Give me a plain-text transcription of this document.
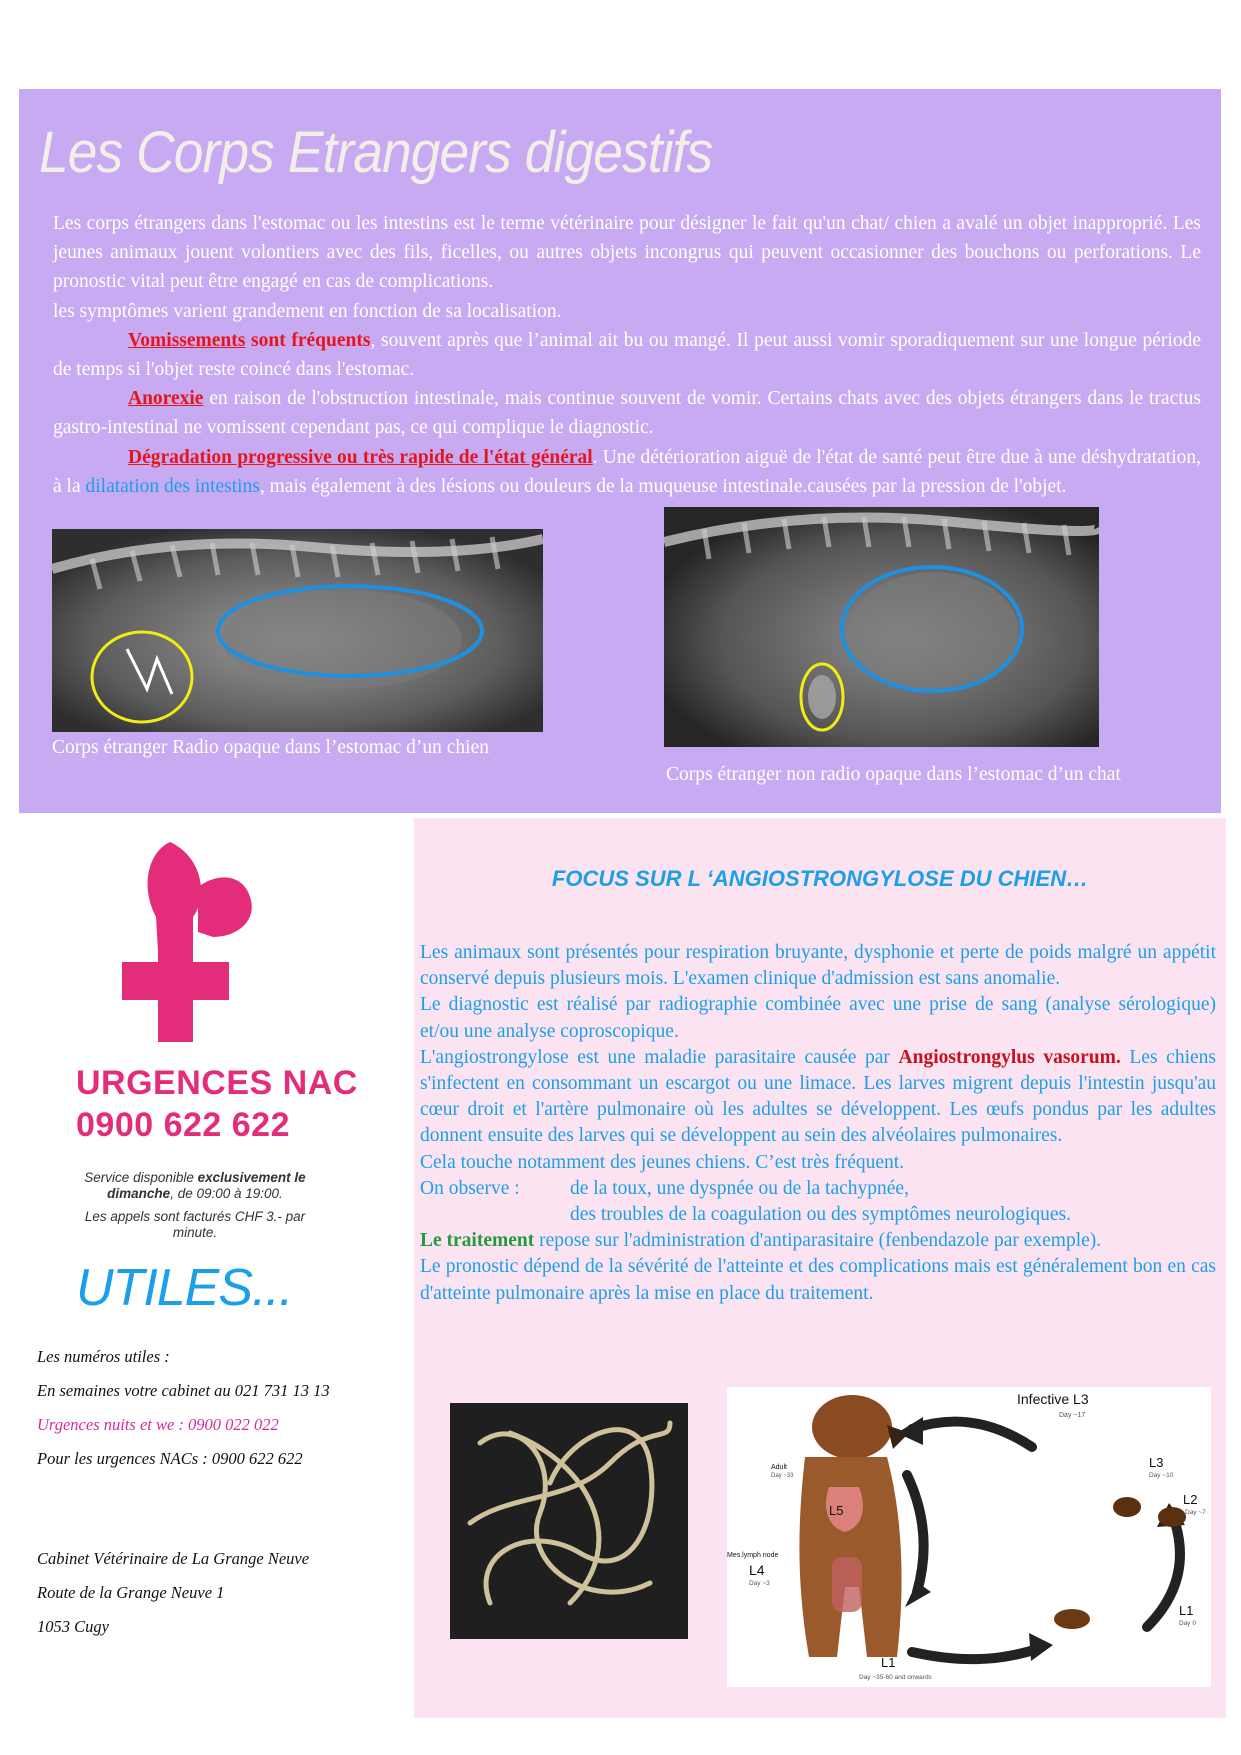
Les Corps Etrangers digestifs

Les corps étrangers dans l'estomac ou les intestins est le terme vétérinaire pour désigner le fait qu'un chat/ chien a avalé un objet inapproprié. Les jeunes animaux jouent volontiers avec des fils, ficelles, ou autres objets incongrus qui peuvent occasionner des bouchons ou perforations. Le pronostic vital peut être engagé en cas de complications.

les symptômes varient grandement en fonction de sa localisation.

Vomissements sont fréquents, souvent après que l’animal ait bu ou mangé. Il peut aussi vomir sporadiquement sur une longue période de temps si l'objet reste coincé dans l'estomac.

Anorexie en raison de l'obstruction intestinale, mais continue souvent de vomir. Certains chats avec des objets étrangers dans le tractus gastro-intestinal ne vomissent cependant pas, ce qui complique le diagnostic.

Dégradation progressive ou très rapide de l'état général. Une détérioration aiguë de l'état de santé peut être due à une déshydratation, à la dilatation des intestins, mais également à des lésions ou douleurs de la muqueuse intestinale.causées par la pression de l'objet.

Corps étranger Radio opaque dans l’estomac d’un chien
Corps étranger non radio opaque dans l’estomac d’un chat
URGENCES NAC
0900 622 622

Service disponible exclusivement le dimanche, de 09:00 à 19:00.

Les appels sont facturés CHF 3.- par minute.

UTILES...
Les numéros utiles :
En semaines votre cabinet au 021 731 13 13
Urgences nuits et we : 0900 022 022
Pour les urgences NACs : 0900 622 622
Cabinet Vétérinaire de La Grange Neuve
Route de la Grange Neuve 1
1053 Cugy
FOCUS SUR L ‘ANGIOSTRONGYLOSE DU CHIEN…

Les animaux sont présentés pour respiration bruyante, dysphonie et perte de poids malgré un appétit conservé depuis plusieurs mois. L'examen clinique d'admission est sans anomalie.

Le diagnostic est réalisé par radiographie combinée avec une prise de sang (analyse sérologique) et/ou une analyse coproscopique.

L'angiostrongylose est une maladie parasitaire causée par Angiostrongylus vasorum. Les chiens s'infectent en consommant un escargot ou une limace. Les larves migrent depuis l'intestin jusqu'au cœur droit et l'artère pulmonaire où les adultes se développent. Les œufs pondus par les adultes donnent ensuite des larves qui se développent au sein des alvéolaires pulmonaires.

Cela touche notamment des jeunes chiens. C’est très fréquent.

On observe :	de la toux, une dyspnée ou de la tachypnée,

des troubles de la coagulation ou des symptômes neurologiques.

Le traitement repose sur l'administration d'antiparasitaire (fenbendazole par exemple).

Le pronostic dépend de la sévérité de l'atteinte et des complications mais est généralement bon en cas d'atteinte pulmonaire après la mise en place du traitement.

Infective L3
Day ~17
L3
Day ~10
L2
Day ~7
L1
Day 0
L1
Day ~35-60 and onwards
Adult
Day ~33
L5
Mes.lymph node
L4
Day ~3
